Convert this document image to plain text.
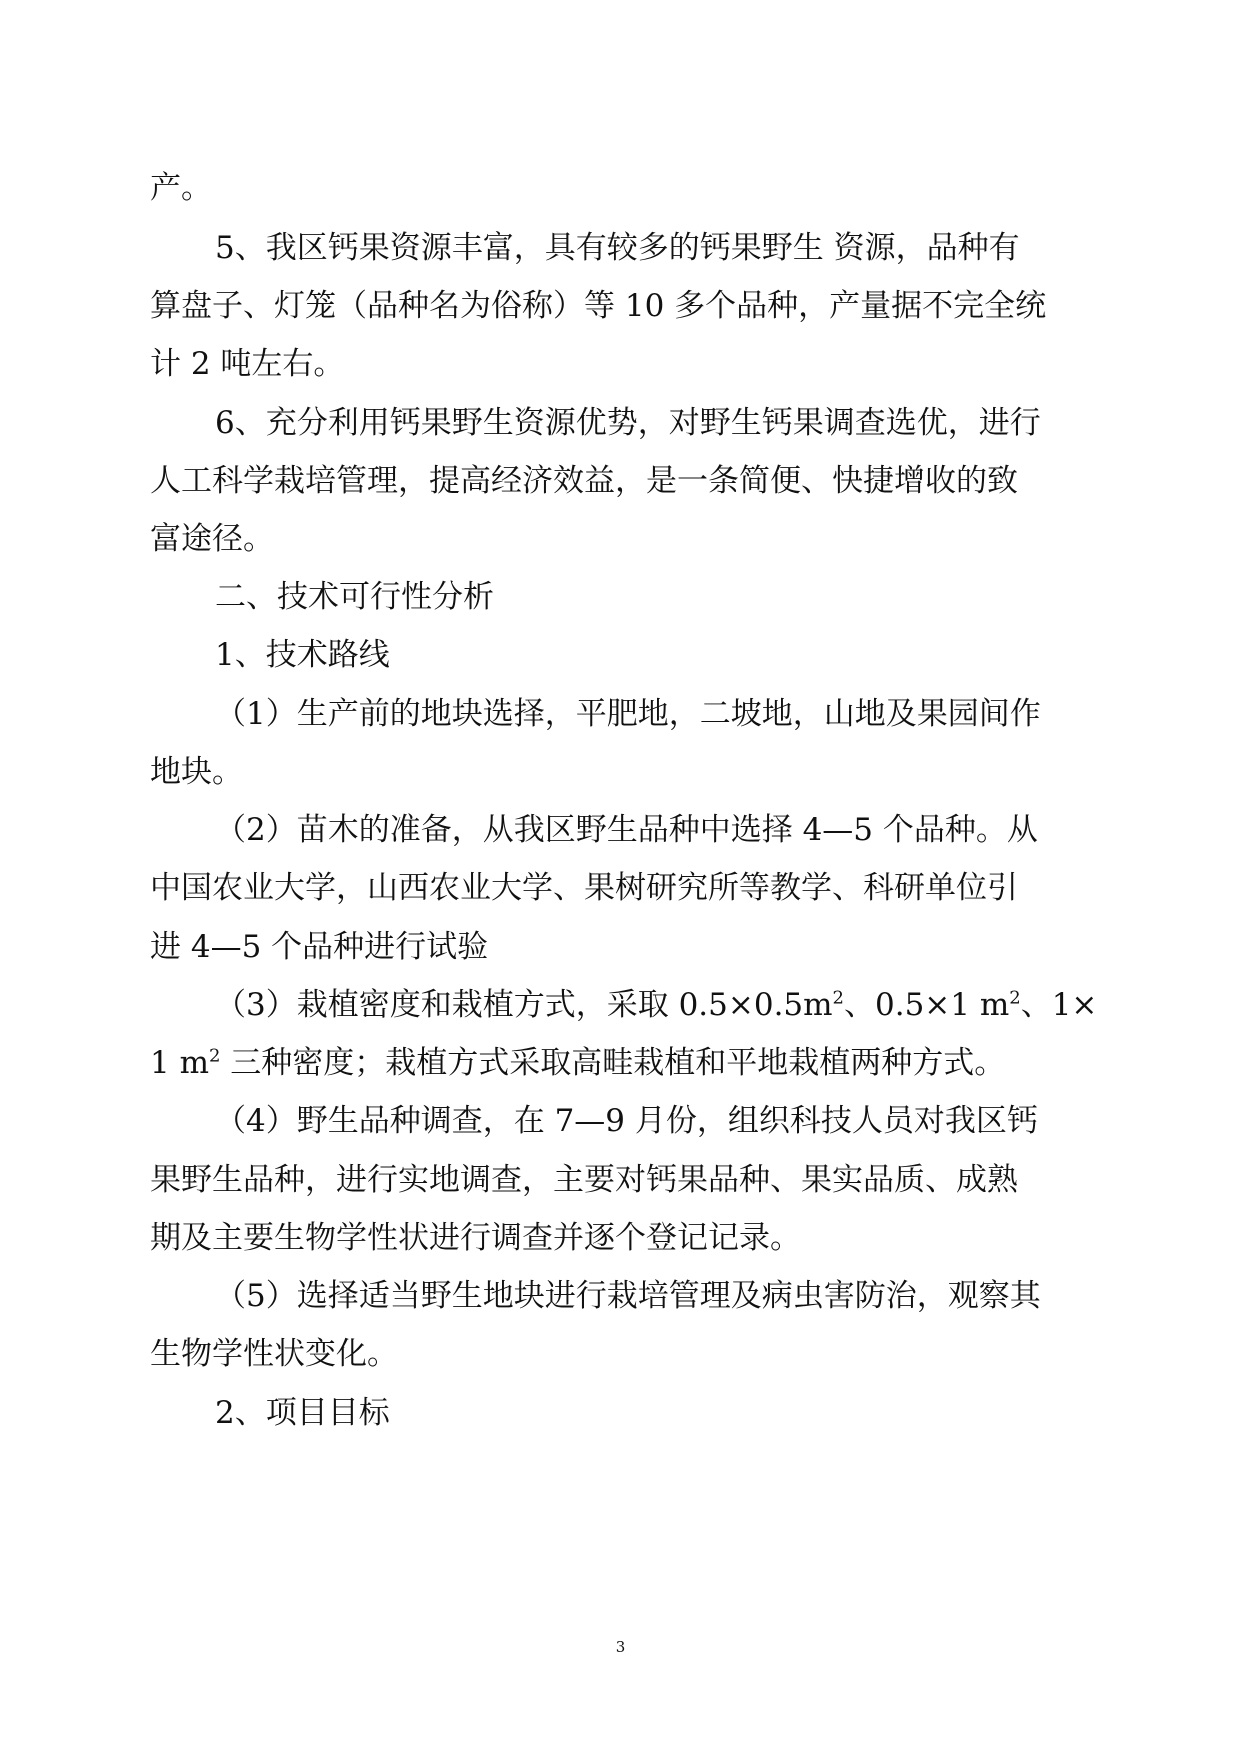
产。
5、我区钙果资源丰富，具有较多的钙果野生 资源，品种有
算盘子、灯笼（品种名为俗称）等 10 多个品种，产量据不完全统
计 2 吨左右。
6、充分利用钙果野生资源优势，对野生钙果调查选优，进行
人工科学栽培管理，提高经济效益，是一条简便、快捷增收的致
富途径。
二、技术可行性分析
1、技术路线
（1）生产前的地块选择，平肥地，二坡地，山地及果园间作
地块。
（2）苗木的准备，从我区野生品种中选择 4—5 个品种。从
中国农业大学，山西农业大学、果树研究所等教学、科研单位引
进 4—5 个品种进行试验
（3）栽植密度和栽植方式，采取 $0.5\times 0.5m^2$、0.5×1 $m^2$、1×
1 $m^2$ 三种密度；栽植方式采取高畦栽植和平地栽植两种方式。
（4）野生品种调查，在 7—9 月份，组织科技人员对我区钙
果野生品种，进行实地调查，主要对钙果品种、果实品质、成熟
期及主要生物学性状进行调查并逐个登记记录。
（5）选择适当野生地块进行栽培管理及病虫害防治，观察其
生物学性状变化。
2、项目目标
3
